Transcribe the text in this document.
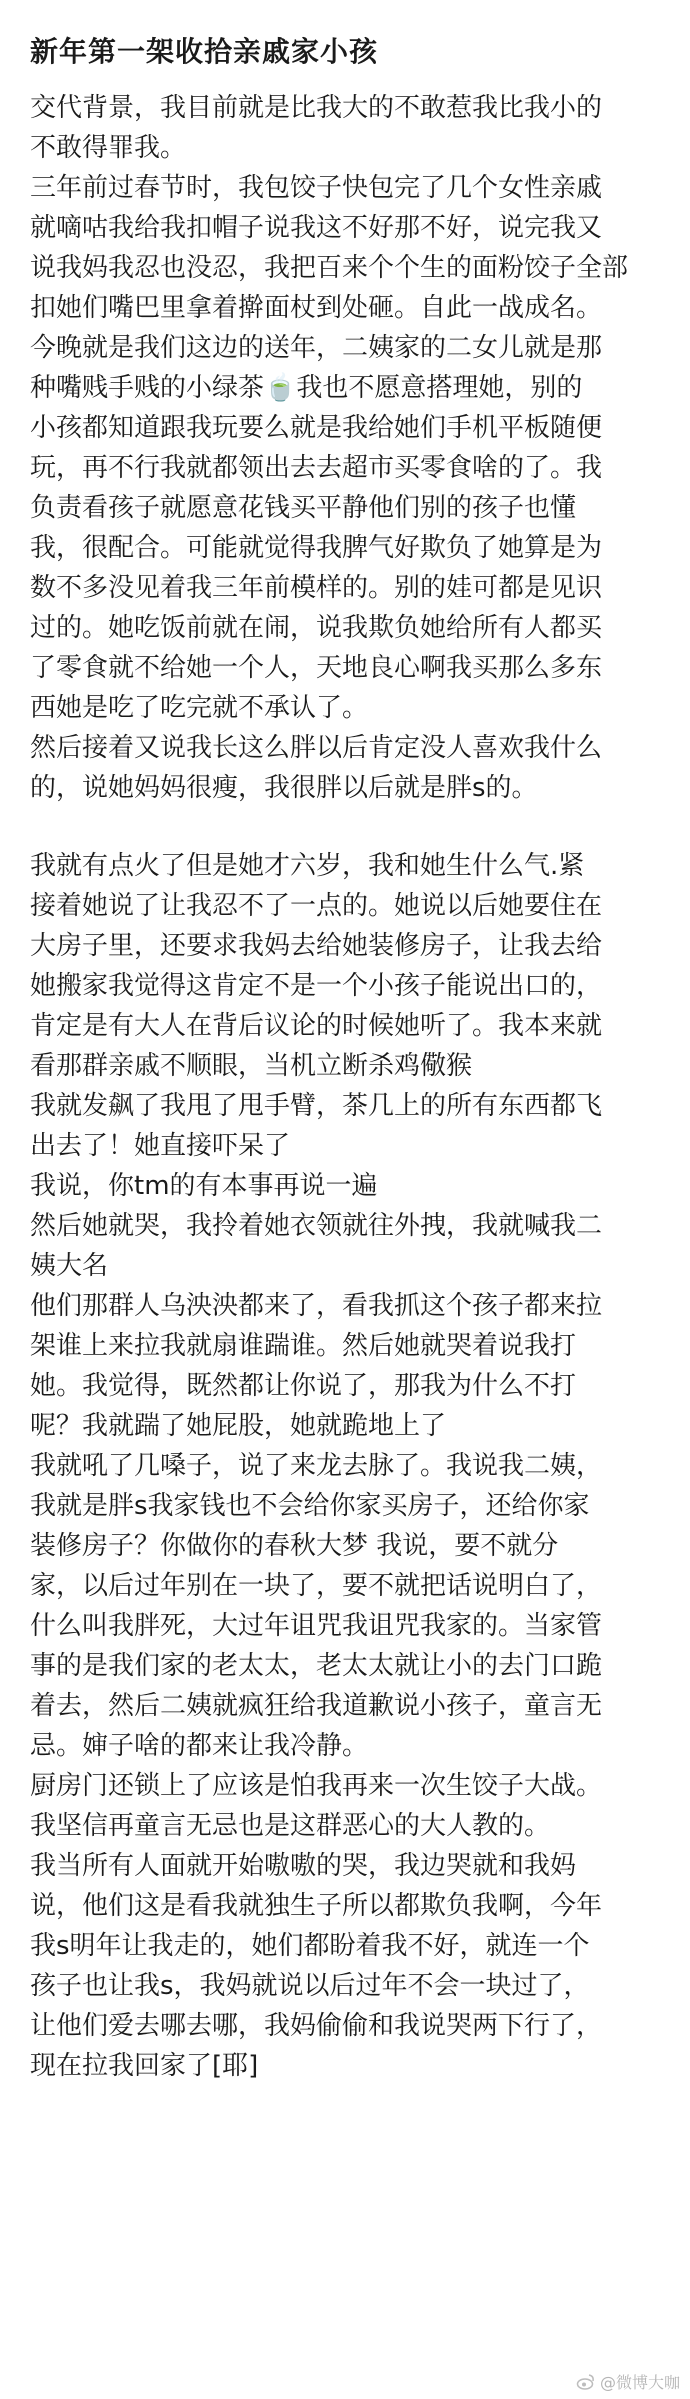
新年第一架收拾亲戚家小孩
交代背景，我目前就是比我大的不敢惹我比我小的
不敢得罪我。
三年前过春节时，我包饺子快包完了几个女性亲戚
就嘀咕我给我扣帽子说我这不好那不好，说完我又
说我妈我忍也没忍，我把百来个个生的面粉饺子全部
扣她们嘴巴里拿着擀面杖到处砸。自此一战成名。
今晚就是我们这边的送年，二姨家的二女儿就是那
种嘴贱手贱的小绿茶🍵我也不愿意搭理她，别的
小孩都知道跟我玩要么就是我给她们手机平板随便
玩，再不行我就都领出去去超市买零食啥的了。我
负责看孩子就愿意花钱买平静他们别的孩子也懂
我，很配合。可能就觉得我脾气好欺负了她算是为
数不多没见着我三年前模样的。别的娃可都是见识
过的。她吃饭前就在闹，说我欺负她给所有人都买
了零食就不给她一个人，天地良心啊我买那么多东
西她是吃了吃完就不承认了。
然后接着又说我长这么胖以后肯定没人喜欢我什么
的，说她妈妈很瘦，我很胖以后就是胖s的。
我就有点火了但是她才六岁，我和她生什么气.紧
接着她说了让我忍不了一点的。她说以后她要住在
大房子里，还要求我妈去给她装修房子，让我去给
她搬家我觉得这肯定不是一个小孩子能说出口的，
肯定是有大人在背后议论的时候她听了。我本来就
看那群亲戚不顺眼，当机立断杀鸡儆猴
我就发飙了我甩了甩手臂，茶几上的所有东西都飞
出去了！她直接吓呆了
我说，你tm的有本事再说一遍
然后她就哭，我拎着她衣领就往外拽，我就喊我二
姨大名
他们那群人乌泱泱都来了，看我抓这个孩子都来拉
架谁上来拉我就扇谁踹谁。然后她就哭着说我打
她。我觉得，既然都让你说了，那我为什么不打
呢？我就踹了她屁股，她就跪地上了
我就吼了几嗓子，说了来龙去脉了。我说我二姨，
我就是胖s我家钱也不会给你家买房子，还给你家
装修房子？你做你的春秋大梦 我说，要不就分
家，以后过年别在一块了，要不就把话说明白了，
什么叫我胖死，大过年诅咒我诅咒我家的。当家管
事的是我们家的老太太，老太太就让小的去门口跪
着去，然后二姨就疯狂给我道歉说小孩子，童言无
忌。婶子啥的都来让我冷静。
厨房门还锁上了应该是怕我再来一次生饺子大战。
我坚信再童言无忌也是这群恶心的大人教的。
我当所有人面就开始嗷嗷的哭，我边哭就和我妈
说，他们这是看我就独生子所以都欺负我啊，今年
我s明年让我走的，她们都盼着我不好，就连一个
孩子也让我s，我妈就说以后过年不会一块过了，
让他们爱去哪去哪，我妈偷偷和我说哭两下行了，
现在拉我回家了[耶]
@微博大咖
